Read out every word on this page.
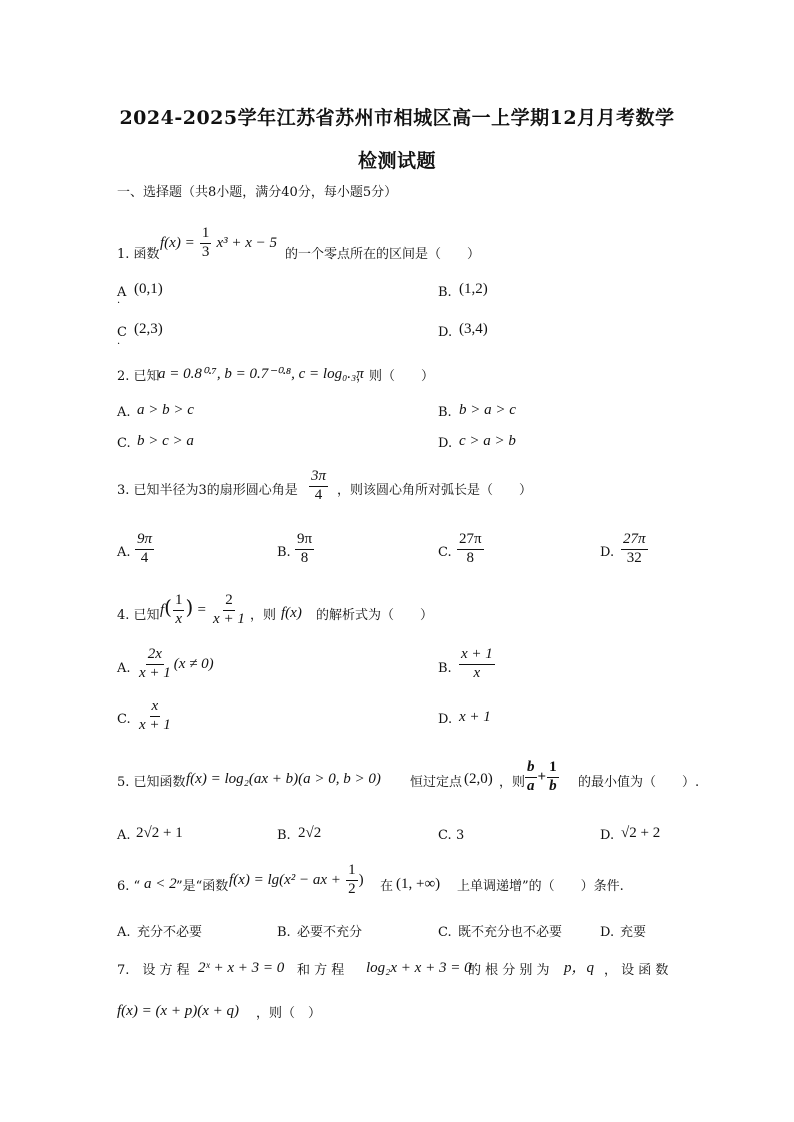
2024-2025学年江苏省苏州市相城区高一上学期12月月考数学
检测试题
一、选择题（共8小题，满分40分，每小题5分）
1. 函数
$f(x) = \frac{1}{3} x^3 + x - 5$
的一个零点所在的区间是（　　）
A
·
(0,1)	B. (1,2)
C
·
(2,3)	D. (3,4)
2. 已知
a = 0.8⁰·⁷, b = 0.7⁻⁰·⁸, c = log₀.₃π
，则（　　）
A. a > b > c	B. b > a > c
C. b > c > a	D. c > a > b
3. 已知半径为3的扇形圆心角是 $\frac{3\pi}{4}$ ，则该圆心角所对弧长是（　　）
A. $\frac{9\pi}{4}$	B. $\frac{9\pi}{8}$	C. $\frac{27\pi}{8}$	D. $\frac{27\pi}{32}$
4. 已知 $f( \frac{1}{x}$ ) = $\frac{2}{x + 1}$ ，则 f(x) 的解析式为（　　）
A. $\frac{2x}{x + 1} (x \ne 0)$	B. $\frac{x + 1}{x}$
C. $\frac{x}{x + 1}$	D. x + 1
5. 已知函数 f(x) = log₂(ax + b)(a > 0, b > 0) 恒过定点 (2,0) ，则 $\frac{b}{a} + \frac{1}{b}$ 的最小值为（　　）.
A. 2√2 + 1	B. 2√2	C. 3	D. √2 + 2
6. “ a < 2 ”是“函数 f(x) = lg(x² − ax + $\frac{1}{2}$ ) 在 (1, +∞) 上单调递增”的（　　）条件.
A. 充分不必要	B. 必要不充分	C. 既不充分也不必要	D. 充要
7.　设 方 程 2ˣ + x + 3 = 0 和 方 程 log₂x + x + 3 = 0
的 根 分 别 为 p，q ， 设 函 数
f(x) = (x + p)(x + q) ，则（　）
